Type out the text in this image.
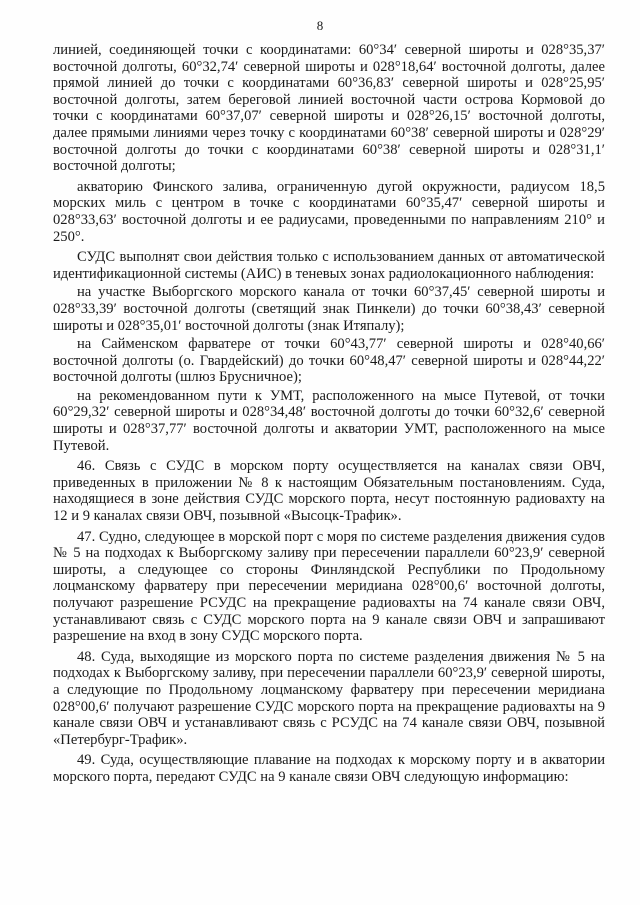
8

линией, соединяющей точки с координатами: 60°34′ северной широты и 028°35,37′ восточной долготы, 60°32,74′ северной широты и 028°18,64′ восточной долготы, далее прямой линией до точки с координатами 60°36,83′ северной широты и 028°25,95′ восточной долготы, затем береговой линией восточной части острова Кормовой до точки с координатами 60°37,07′ северной широты и 028°26,15′ восточной долготы, далее прямыми линиями через точку с координатами 60°38′ северной широты и 028°29′ восточной долготы до точки с координатами 60°38′ северной широты и 028°31,1′ восточной долготы;

акваторию Финского залива, ограниченную дугой окружности, радиусом 18,5 морских миль с центром в точке с координатами 60°35,47′ северной широты и 028°33,63′ восточной долготы и ее радиусами, проведенными по направлениям 210° и 250°.

СУДС выполнят свои действия только с использованием данных от автоматической идентификационной системы (АИС) в теневых зонах радиолокационного наблюдения:

на участке Выборгского морского канала от точки 60°37,45′ северной широты и 028°33,39′ восточной долготы (светящий знак Пинкели) до точки 60°38,43′ северной широты и 028°35,01′ восточной долготы (знак Итяпалу);

на Сайменском фарватере от точки 60°43,77′ северной широты и 028°40,66′ восточной долготы (о. Гвардейский) до точки 60°48,47′ северной широты и 028°44,22′ восточной долготы (шлюз Брусничное);

на рекомендованном пути к УМТ, расположенного на мысе Путевой, от точки 60°29,32′ северной широты и 028°34,48′ восточной долготы до точки 60°32,6′ северной широты и 028°37,77′ восточной долготы и акватории УМТ, расположенного на мысе Путевой.

46. Связь с СУДС в морском порту осуществляется на каналах связи ОВЧ, приведенных в приложении № 8 к настоящим Обязательным постановлениям. Суда, находящиеся в зоне действия СУДС морского порта, несут постоянную радиовахту на 12 и 9 каналах связи ОВЧ, позывной «Высоцк-Трафик».

47. Судно, следующее в морской порт с моря по системе разделения движения судов № 5 на подходах к Выборгскому заливу при пересечении параллели 60°23,9′ северной широты, а следующее со стороны Финляндской Республики по Продольному лоцманскому фарватеру при пересечении меридиана 028°00,6′ восточной долготы, получают разрешение РСУДС на прекращение радиовахты на 74 канале связи ОВЧ, устанавливают связь с СУДС морского порта на 9 канале связи ОВЧ и запрашивают разрешение на вход в зону СУДС морского порта.

48. Суда, выходящие из морского порта по системе разделения движения № 5 на подходах к Выборгскому заливу, при пересечении параллели 60°23,9′ северной широты, а следующие по Продольному лоцманскому фарватеру при пересечении меридиана 028°00,6′ получают разрешение СУДС морского порта на прекращение радиовахты на 9 канале связи ОВЧ и устанавливают связь с РСУДС на 74 канале связи ОВЧ, позывной «Петербург-Трафик».

49. Суда, осуществляющие плавание на подходах к морскому порту и в акватории морского порта, передают СУДС на 9 канале связи ОВЧ следующую информацию:
